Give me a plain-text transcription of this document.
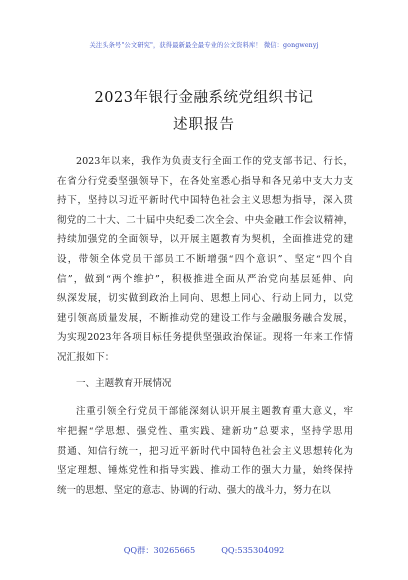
关注头条号"公文研究"，获得最新最全最专业的公文资料库！ 微信：gongwenyj
2023年银行金融系统党组织书记
述职报告
2023年以来，我作为负责支行全面工作的党支部书记、行长，
在省分行党委坚强领导下，在各处室悉心指导和各兄弟中支大力支
持下，坚持以习近平新时代中国特色社会主义思想为指导，深入贯
彻党的二十大、二十届中央纪委二次全会、中央金融工作会议精神，
持续加强党的全面领导，以开展主题教育为契机，全面推进党的建
设，带领全体党员干部员工不断增强“四个意识”、坚定“四个自
信”，做到“两个维护”，积极推进全面从严治党向基层延伸、向
纵深发展，切实做到政治上同向、思想上同心、行动上同力，以党
建引领高质量发展，不断推动党的建设工作与金融服务融合发展，
为实现2023年各项目标任务提供坚强政治保证。现将一年来工作情
况汇报如下：
一、主题教育开展情况
注重引领全行党员干部能深刻认识开展主题教育重大意义，牢
牢把握“学思想、强党性、重实践、建新功”总要求，坚持学思用
贯通、知信行统一，把习近平新时代中国特色社会主义思想转化为
坚定理想、锤炼党性和指导实践、推动工作的强大力量，始终保持
统一的思想、坚定的意志、协调的行动、强大的战斗力，努力在以
QQ群：30265665	QQ:535304092
